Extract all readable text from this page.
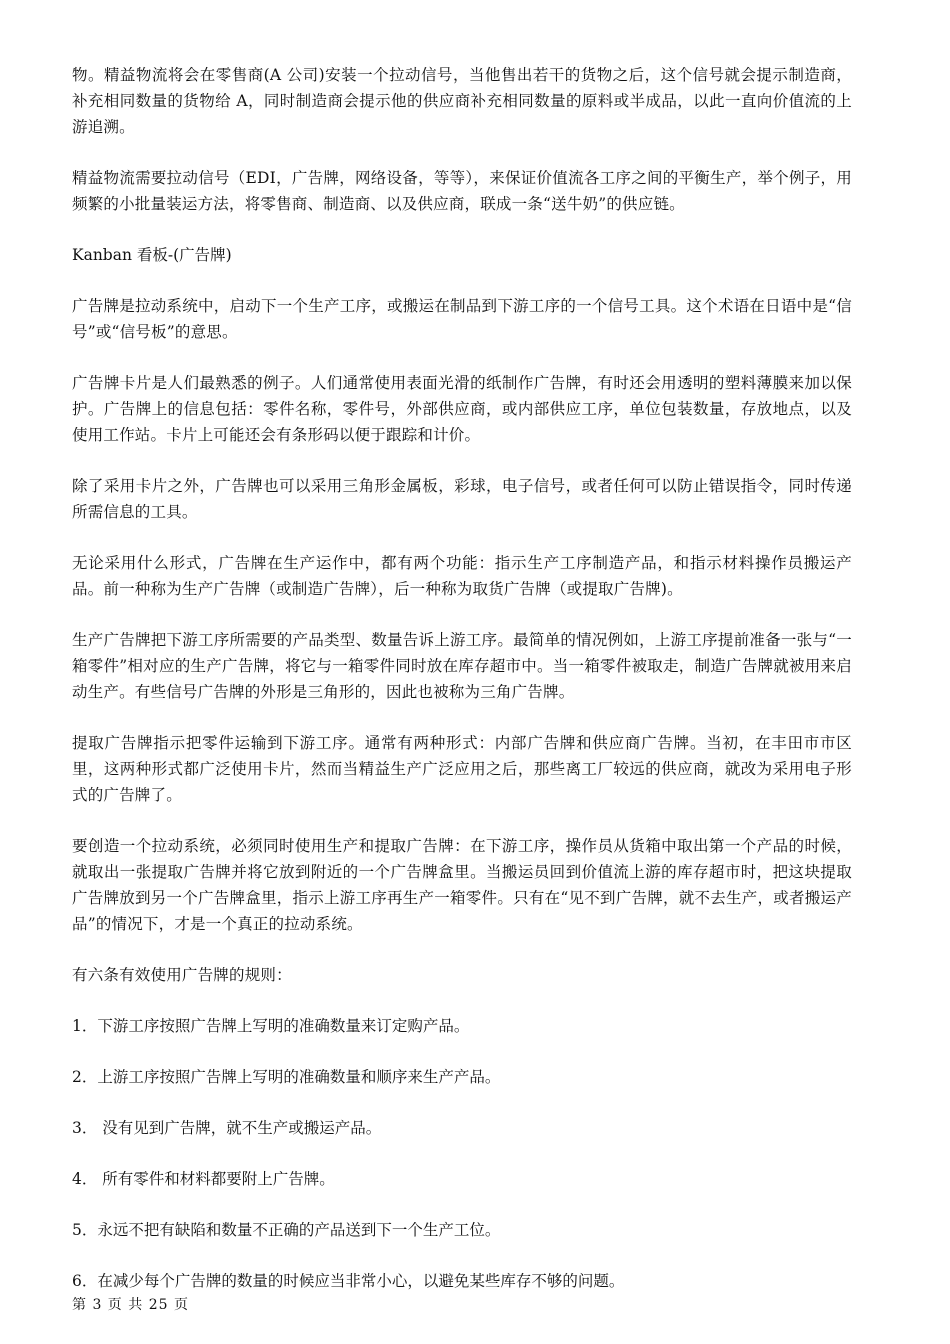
物。精益物流将会在零售商(A 公司)安装一个拉动信号，当他售出若干的货物之后，这个信号就会提示制造商，补充相同数量的货物给 A，同时制造商会提示他的供应商补充相同数量的原料或半成品，以此一直向价值流的上游追溯。

精益物流需要拉动信号（EDI，广告牌，网络设备，等等），来保证价值流各工序之间的平衡生产，举个例子，用频繁的小批量装运方法，将零售商、制造商、以及供应商，联成一条“送牛奶”的供应链。

Kanban 看板-(广告牌)

广告牌是拉动系统中，启动下一个生产工序，或搬运在制品到下游工序的一个信号工具。这个术语在日语中是“信号”或“信号板”的意思。

广告牌卡片是人们最熟悉的例子。人们通常使用表面光滑的纸制作广告牌，有时还会用透明的塑料薄膜来加以保护。广告牌上的信息包括：零件名称，零件号，外部供应商，或内部供应工序，单位包装数量，存放地点，以及使用工作站。卡片上可能还会有条形码以便于跟踪和计价。

除了采用卡片之外，广告牌也可以采用三角形金属板，彩球，电子信号，或者任何可以防止错误指令，同时传递所需信息的工具。

无论采用什么形式，广告牌在生产运作中，都有两个功能：指示生产工序制造产品，和指示材料操作员搬运产品。前一种称为生产广告牌（或制造广告牌），后一种称为取货广告牌（或提取广告牌)。

生产广告牌把下游工序所需要的产品类型、数量告诉上游工序。最简单的情况例如，上游工序提前准备一张与“一箱零件”相对应的生产广告牌，将它与一箱零件同时放在库存超市中。当一箱零件被取走，制造广告牌就被用来启动生产。有些信号广告牌的外形是三角形的，因此也被称为三角广告牌。

提取广告牌指示把零件运输到下游工序。通常有两种形式：内部广告牌和供应商广告牌。当初，在丰田市市区里，这两种形式都广泛使用卡片，然而当精益生产广泛应用之后，那些离工厂较远的供应商，就改为采用电子形式的广告牌了。

要创造一个拉动系统，必须同时使用生产和提取广告牌：在下游工序，操作员从货箱中取出第一个产品的时候，就取出一张提取广告牌并将它放到附近的一个广告牌盒里。当搬运员回到价值流上游的库存超市时，把这块提取广告牌放到另一个广告牌盒里，指示上游工序再生产一箱零件。只有在“见不到广告牌，就不去生产，或者搬运产品”的情况下，才是一个真正的拉动系统。

有六条有效使用广告牌的规则：

1．下游工序按照广告牌上写明的准确数量来订定购产品。

2．上游工序按照广告牌上写明的准确数量和顺序来生产产品。

3． 没有见到广告牌，就不生产或搬运产品。

4． 所有零件和材料都要附上广告牌。

5．永远不把有缺陷和数量不正确的产品送到下一个生产工位。

6．在减少每个广告牌的数量的时候应当非常小心，以避免某些库存不够的问题。

第 3 页 共 25 页
